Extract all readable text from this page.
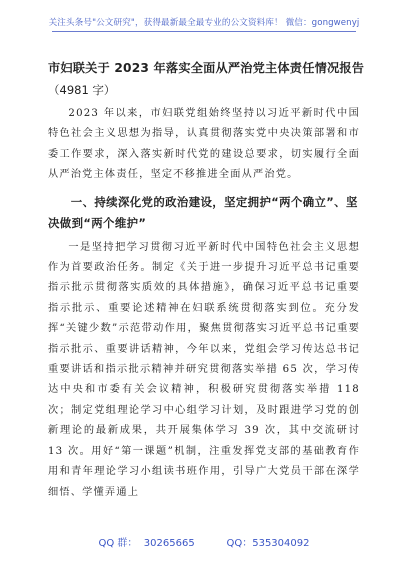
关注头条号"公文研究"，获得最新最全最专业的公文资料库！ 微信：gongwenyj
市妇联关于 2023 年落实全面从严治党主体责任情况报告
（4981 字）

2023 年以来，市妇联党组始终坚持以习近平新时代中国特色社会主义思想为指导，认真贯彻落实党中央决策部署和市委工作要求，深入落实新时代党的建设总要求，切实履行全面从严治党主体责任，坚定不移推进全面从严治党。

一、持续深化党的政治建设，坚定拥护“两个确立”、坚决做到“两个维护”

一是坚持把学习贯彻习近平新时代中国特色社会主义思想作为首要政治任务。制定《关于进一步提升习近平总书记重要指示批示贯彻落实质效的具体措施》，确保习近平总书记重要指示批示、重要论述精神在妇联系统贯彻落实到位。充分发挥“关键少数”示范带动作用，聚焦贯彻落实习近平总书记重要指示批示、重要讲话精神，今年以来，党组会学习传达总书记重要讲话和指示批示精神并研究贯彻落实举措 65 次，学习传达中央和市委有关会议精神，积极研究贯彻落实举措 118 次；制定党组理论学习中心组学习计划，及时跟进学习党的创新理论的最新成果，共开展集体学习 39 次，其中交流研讨 13 次。用好“第一课题”机制，注重发挥党支部的基础教育作用和青年理论学习小组读书班作用，引导广大党员干部在深学细悟、学懂弄通上

QQ 群：  30265665          QQ：535304092
